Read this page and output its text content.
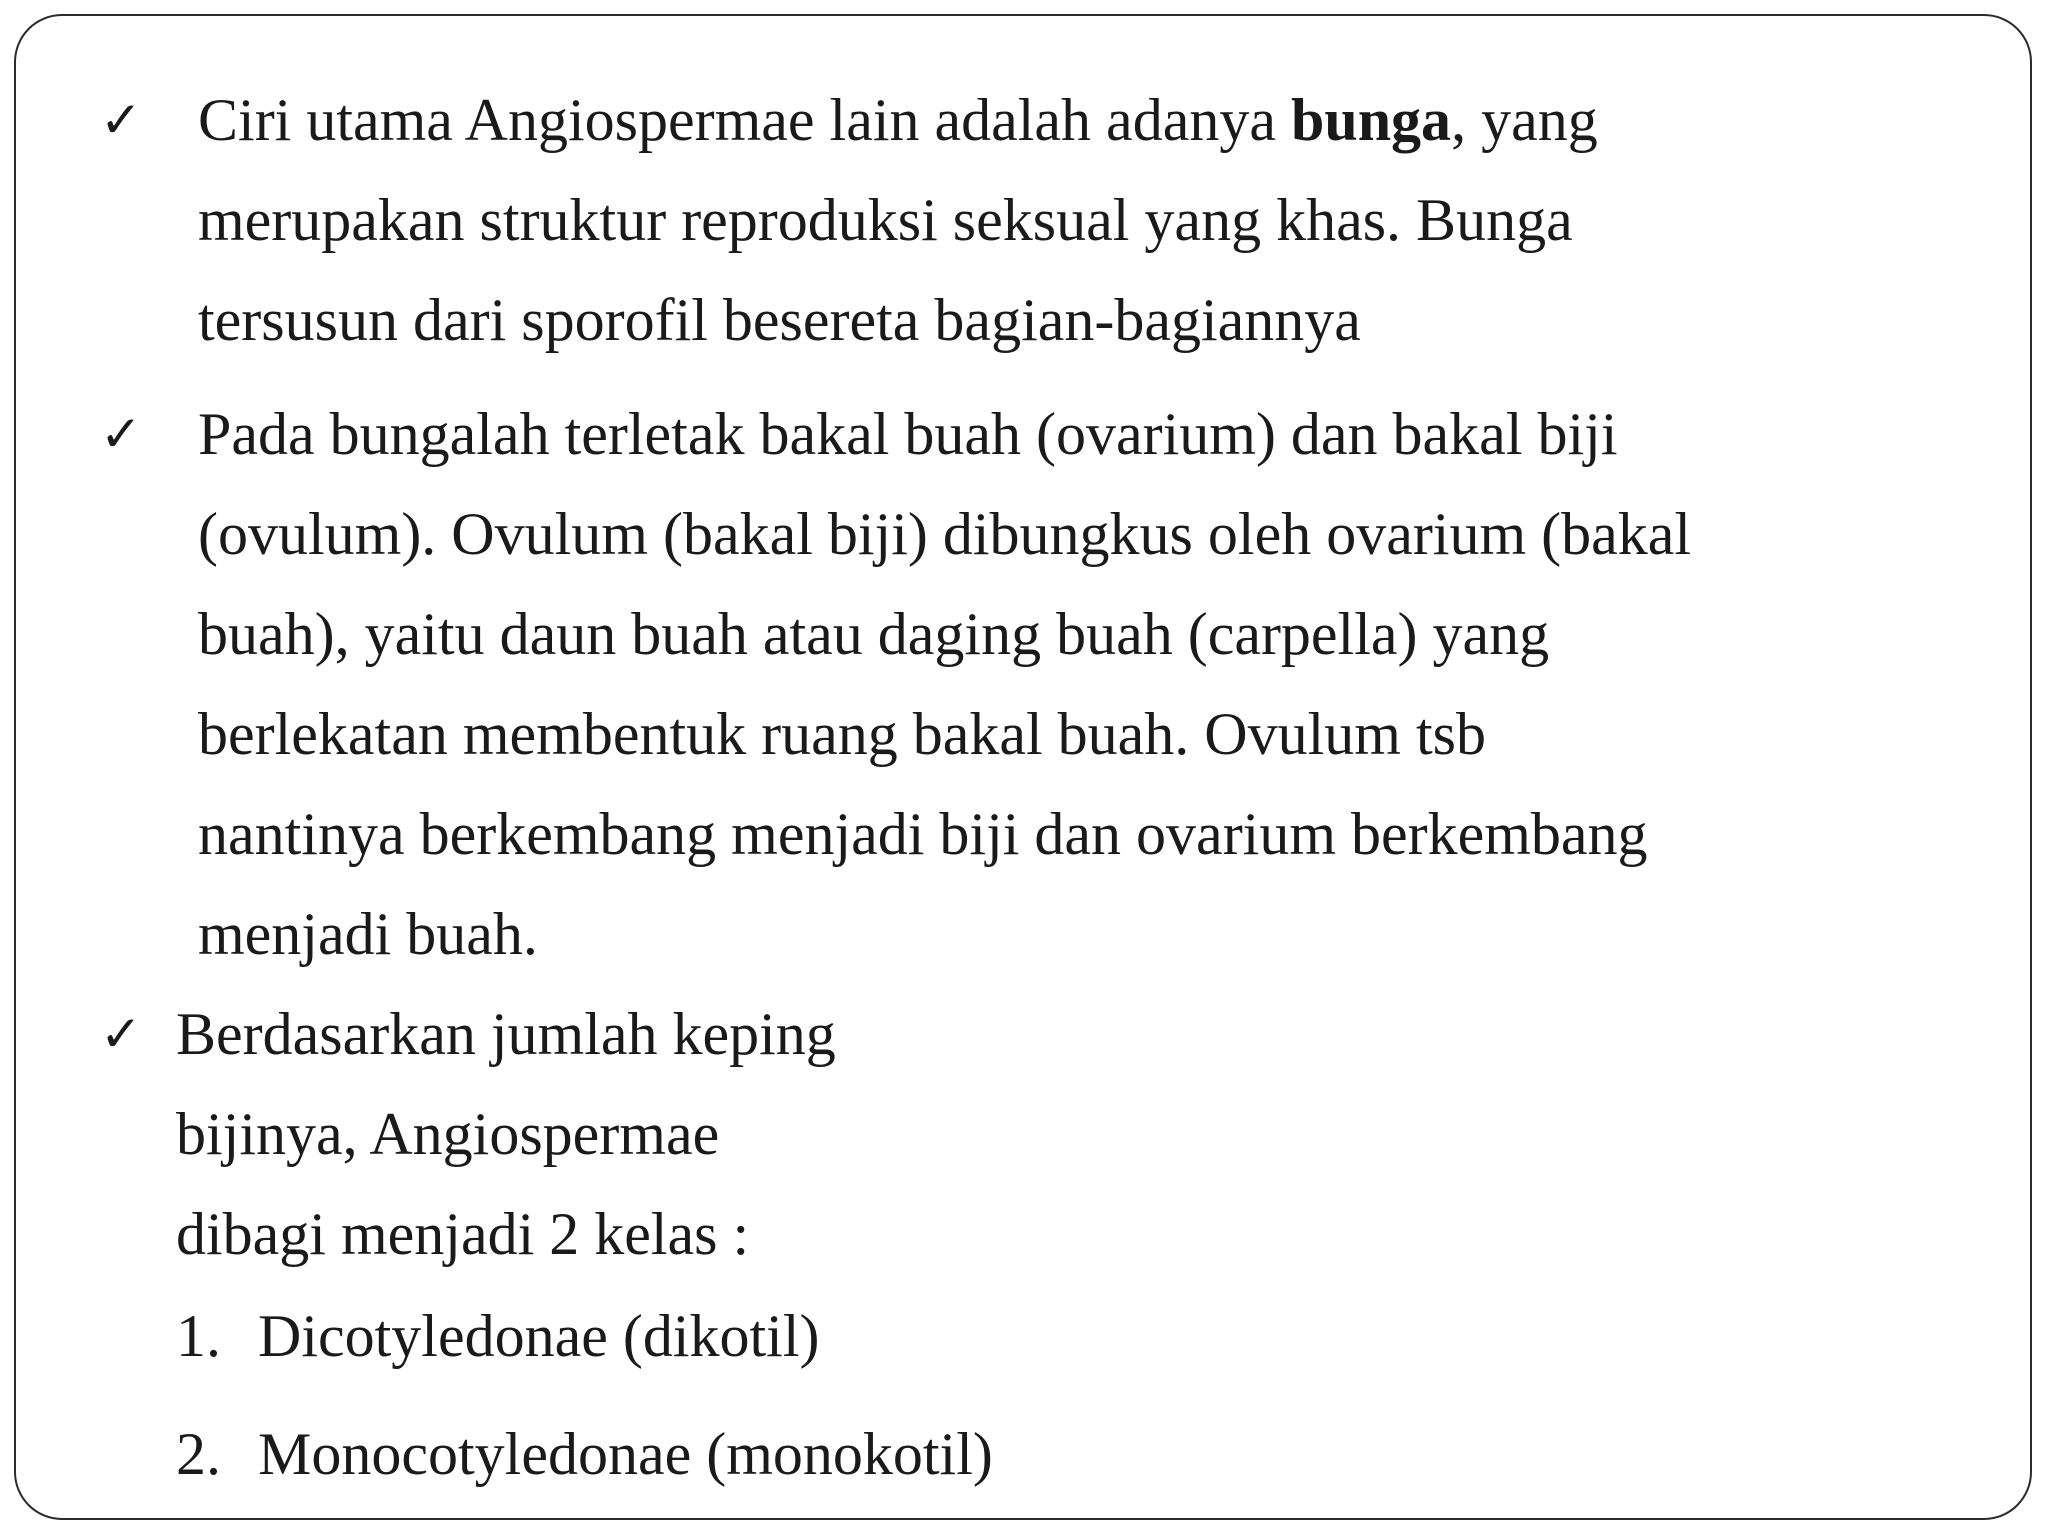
✓ Ciri utama Angiospermae lain adalah adanya bunga, yang
merupakan struktur reproduksi seksual yang khas. Bunga
tersusun dari sporofil besereta bagian-bagiannya
✓ Pada bungalah terletak bakal buah (ovarium) dan bakal biji
(ovulum). Ovulum (bakal biji) dibungkus oleh ovarium (bakal
buah), yaitu daun buah atau daging buah (carpella) yang
berlekatan membentuk ruang bakal buah. Ovulum tsb
nantinya berkembang menjadi biji dan ovarium berkembang
menjadi buah.
✓ Berdasarkan jumlah keping
bijinya, Angiospermae
dibagi menjadi 2 kelas :
1. Dicotyledonae (dikotil)
2. Monocotyledonae (monokotil)
